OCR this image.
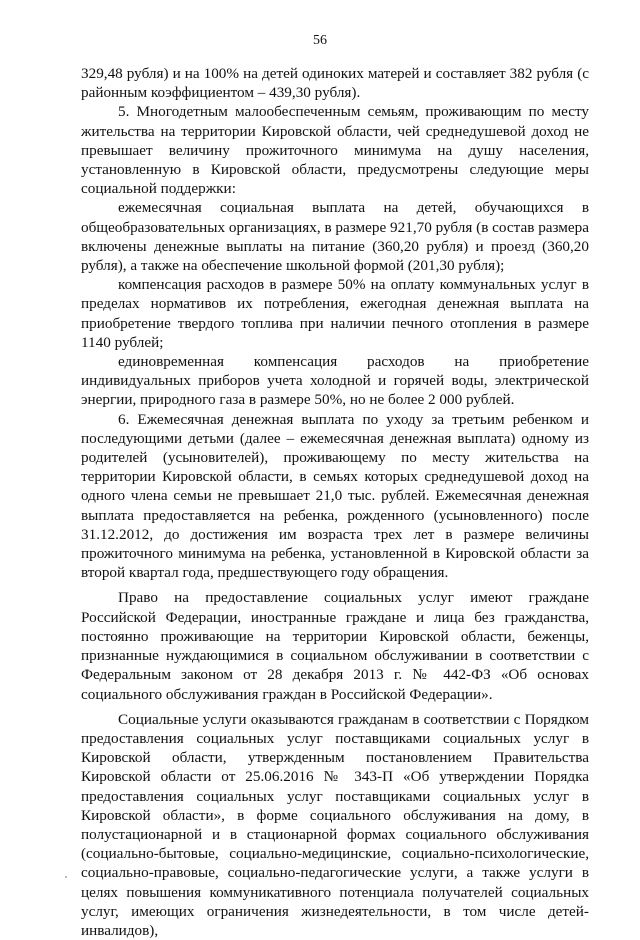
56

329,48 рубля) и на 100% на детей одиноких матерей и составляет 382 рубля (с районным коэффициентом – 439,30 рубля).

5. Многодетным малообеспеченным семьям, проживающим по месту жительства на территории Кировской области, чей среднедушевой доход не превышает величину прожиточного минимума на душу населения, установленную в Кировской области, предусмотрены следующие меры социальной поддержки:

ежемесячная социальная выплата на детей, обучающихся в общеобразовательных организациях, в размере 921,70 рубля (в состав размера включены денежные выплаты на питание (360,20 рубля) и проезд (360,20 рубля), а также на обеспечение школьной формой (201,30 рубля);

компенсация расходов в размере 50% на оплату коммунальных услуг в пределах нормативов их потребления, ежегодная денежная выплата на приобретение твердого топлива при наличии печного отопления в размере 1140 рублей;

единовременная компенсация расходов на приобретение индивидуальных приборов учета холодной и горячей воды, электрической энергии, природного газа в размере 50%, но не более 2 000 рублей.

6. Ежемесячная денежная выплата по уходу за третьим ребенком и последующими детьми (далее – ежемесячная денежная выплата) одному из родителей (усыновителей), проживающему по месту жительства на территории Кировской области, в семьях которых среднедушевой доход на одного члена семьи не превышает 21,0 тыс. рублей. Ежемесячная денежная выплата предоставляется на ребенка, рожденного (усыновленного) после 31.12.2012, до достижения им возраста трех лет в размере величины прожиточного минимума на ребенка, установленной в Кировской области за второй квартал года, предшествующего году обращения.

Право на предоставление социальных услуг имеют граждане Российской Федерации, иностранные граждане и лица без гражданства, постоянно проживающие на территории Кировской области, беженцы, признанные нуждающимися в социальном обслуживании в соответствии с Федеральным законом от 28 декабря 2013 г. № 442-ФЗ «Об основах социального обслуживания граждан в Российской Федерации».

Социальные услуги оказываются гражданам в соответствии с Порядком предоставления социальных услуг поставщиками социальных услуг в Кировской области, утвержденным постановлением Правительства Кировской области от 25.06.2016 № 343-П «Об утверждении Порядка предоставления социальных услуг поставщиками социальных услуг в Кировской области», в форме социального обслуживания на дому, в полустационарной и в стационарной формах социального обслуживания (социально-бытовые, социально-медицинские, социально-психологические, социально-правовые, социально-педагогические услуги, а также услуги в целях повышения коммуникативного потенциала получателей социальных услуг, имеющих ограничения жизнедеятельности, в том числе детей-инвалидов),
